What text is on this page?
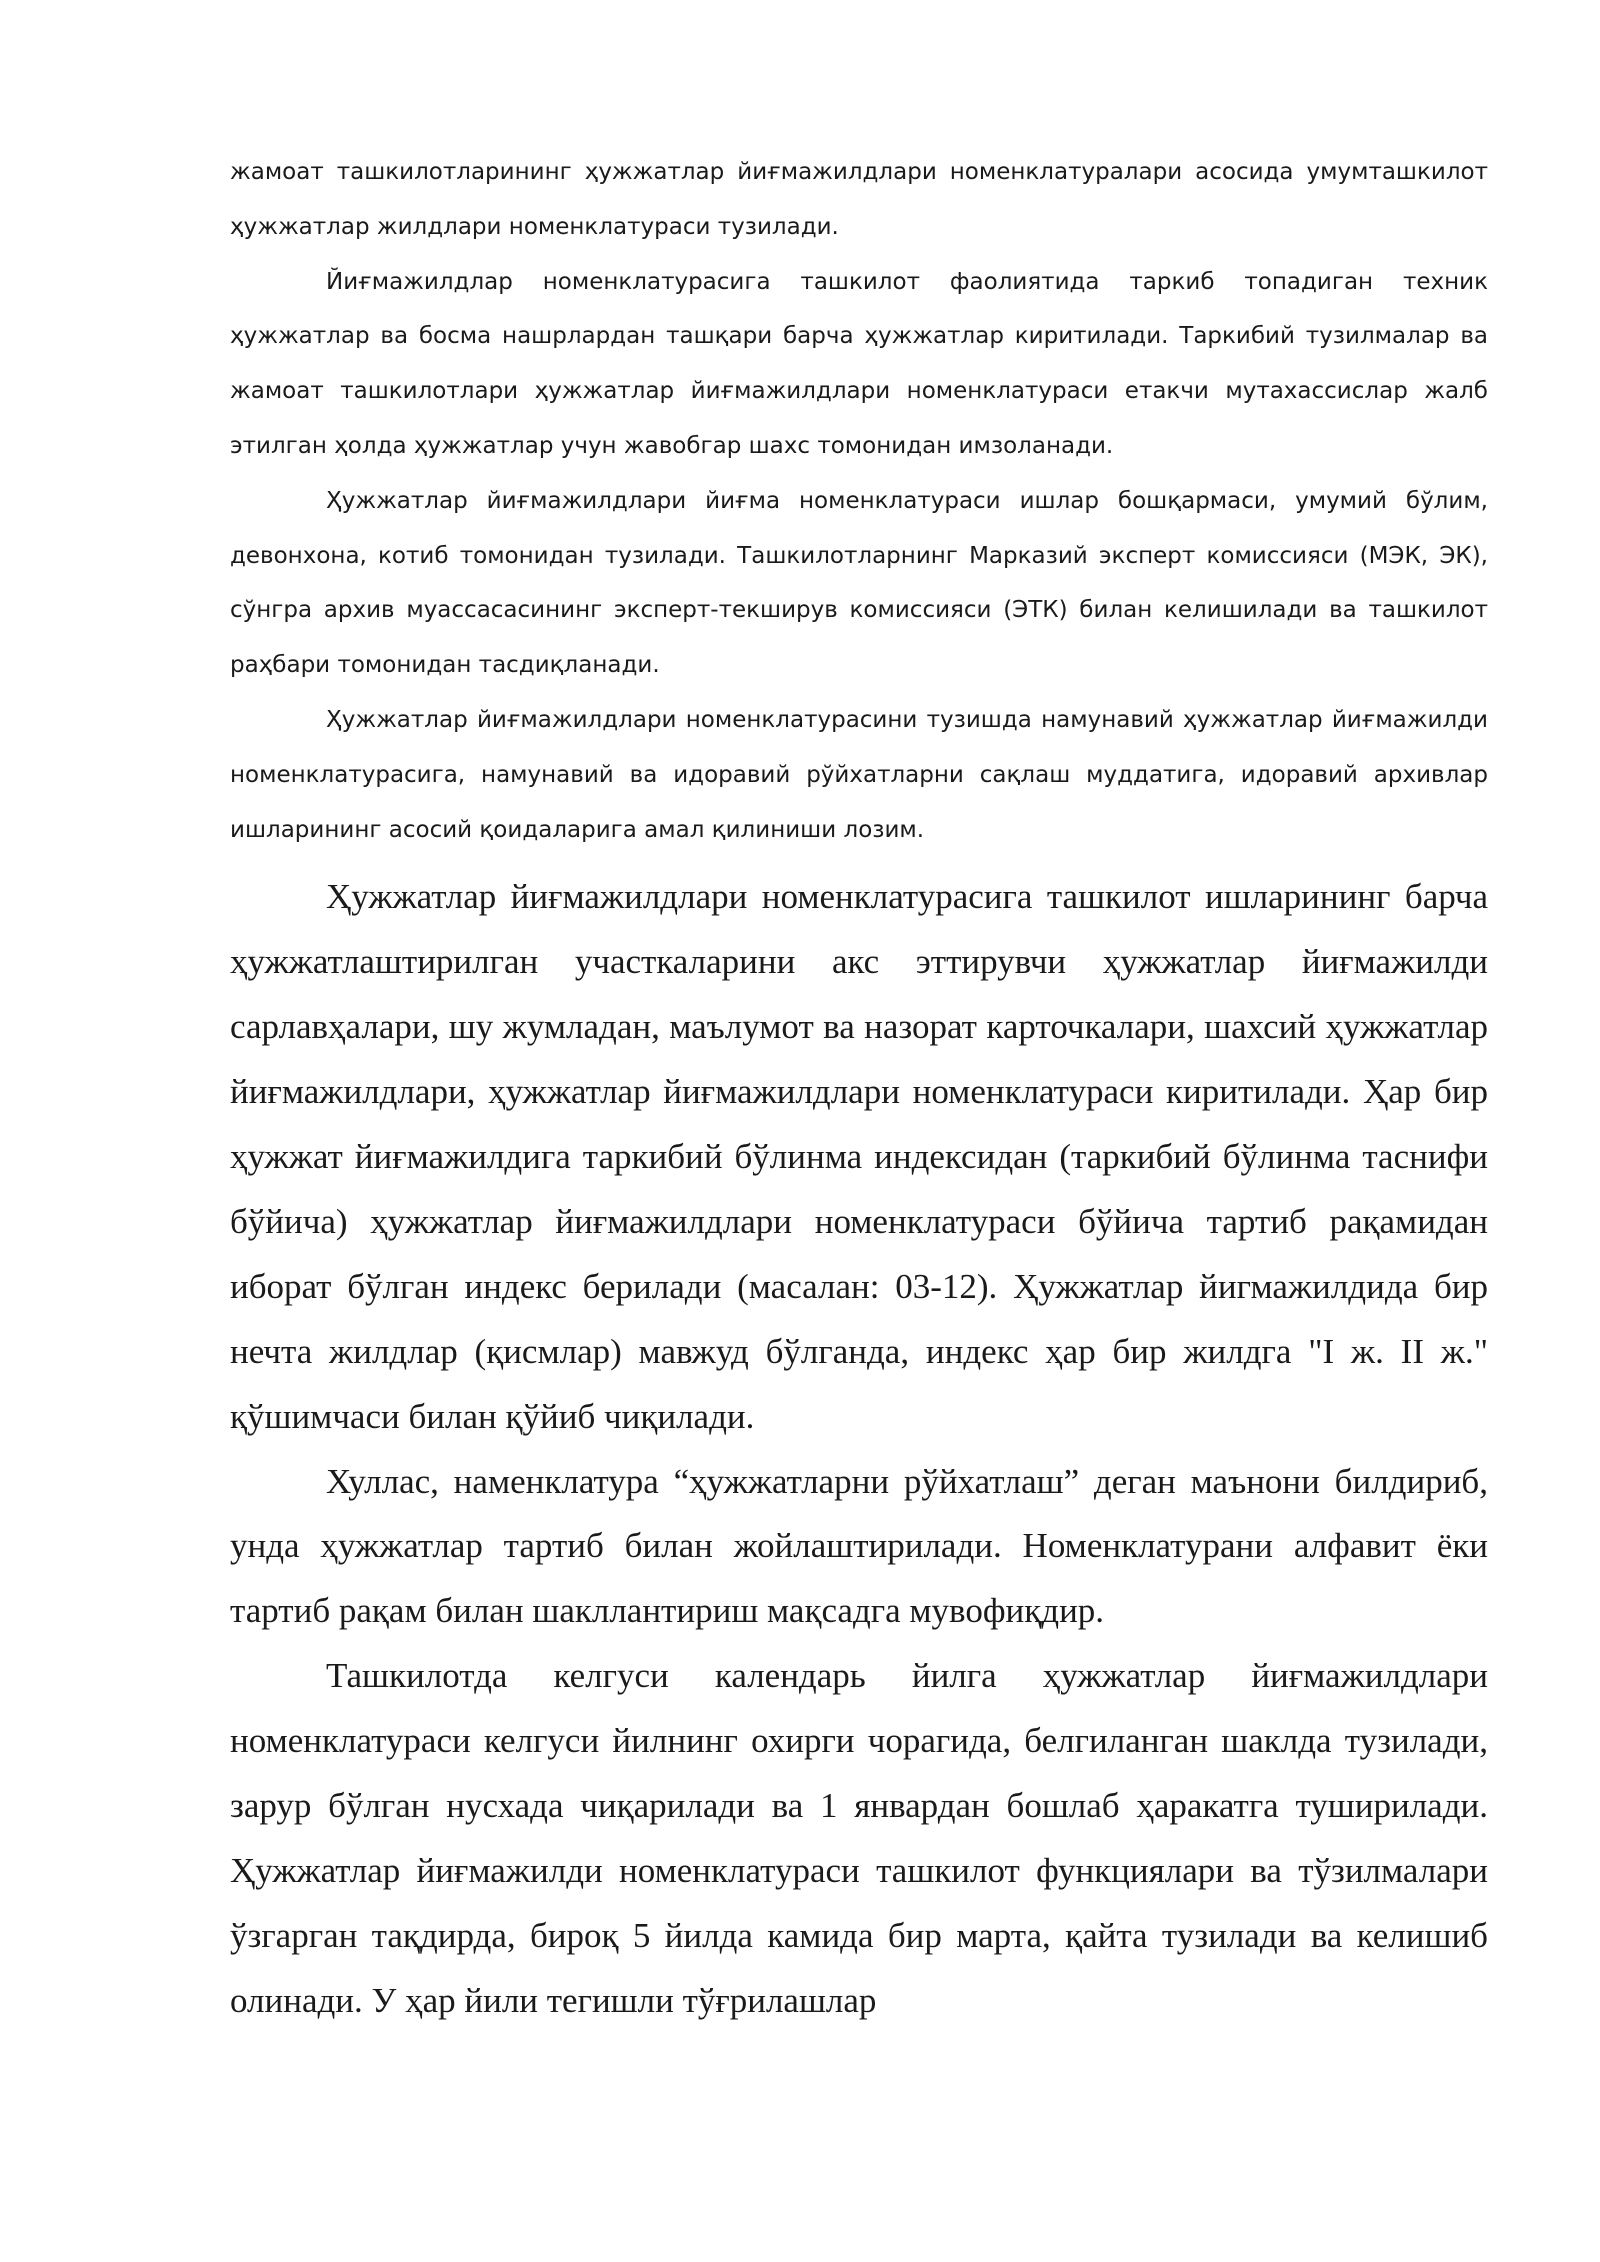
жамоат ташкилотларининг ҳужжатлар йиғмажилдлари номенклатуралари асосида умумташкилот ҳужжатлар жилдлари номенклатураси тузилади.

Йиғмажилдлар номенклатурасига ташкилот фаолиятида таркиб топадиган техник ҳужжатлар ва босма нашрлардан ташқари барча ҳужжатлар киритилади. Таркибий тузилмалар ва жамоат ташкилотлари ҳужжатлар йиғмажилдлари номенклатураси етакчи мутахассислар жалб этилган ҳолда ҳужжатлар учун жавобгар шахс томонидан имзоланади.

Ҳужжатлар йиғмажилдлари йиғма номенклатураси ишлар бошқармаси, умумий бўлим, девонхона, котиб томонидан тузилади. Ташкилотларнинг Марказий эксперт комиссияси (МЭК, ЭК), сўнгра архив муассасасининг эксперт-текширув комиссияси (ЭТК) билан келишилади ва ташкилот раҳбари томонидан тасдиқланади.

Ҳужжатлар йиғмажилдлари номенклатурасини тузишда намунавий ҳужжатлар йиғмажилди номенклатурасига, намунавий ва идоравий рўйхатларни сақлаш муддатига, идоравий архивлар ишларининг асосий қоидаларига амал қилиниши лозим.

Ҳужжатлар йиғмажилдлари номенклатурасига ташкилот ишларининг барча ҳужжатлаштирилган участкаларини акс эттирувчи ҳужжатлар йиғмажилди сарлавҳалари, шу жумладан, маълумот ва назорат карточкалари, шахсий ҳужжатлар йиғмажилдлари, ҳужжатлар йиғмажилдлари номенклатураси киритилади. Ҳар бир ҳужжат йиғмажилдига таркибий бўлинма индексидан (таркибий бўлинма таснифи бўйича) ҳужжатлар йиғмажилдлари номенклатураси бўйича тартиб рақамидан иборат бўлган индекс берилади (масалан: 03-12). Ҳужжатлар йигмажилдида бир нечта жилдлар (қисмлар) мавжуд бўлганда, индекс ҳар бир жилдга "I ж. II ж." қўшимчаси билан қўйиб чиқилади.

Хуллас, наменклатура “ҳужжатларни рўйхатлаш” деган маънони билдириб, унда ҳужжатлар тартиб билан жойлаштирилади. Номенклатурани алфавит ёки тартиб рақам билан шакллантириш мақсадга мувофиқдир.

Ташкилотда келгуси календарь йилга ҳужжатлар йиғмажилдлари номенклатураси келгуси йилнинг охирги чорагида, белгиланган шаклда тузилади, зарур бўлган нусхада чиқарилади ва 1 январдан бошлаб ҳаракатга туширилади. Ҳужжатлар йиғмажилди номенклатураси ташкилот функциялари ва тўзилмалари ўзгарган тақдирда, бироқ 5 йилда камида бир марта, қайта тузилади ва келишиб олинади. У ҳар йили тегишли тўғрилашлар
